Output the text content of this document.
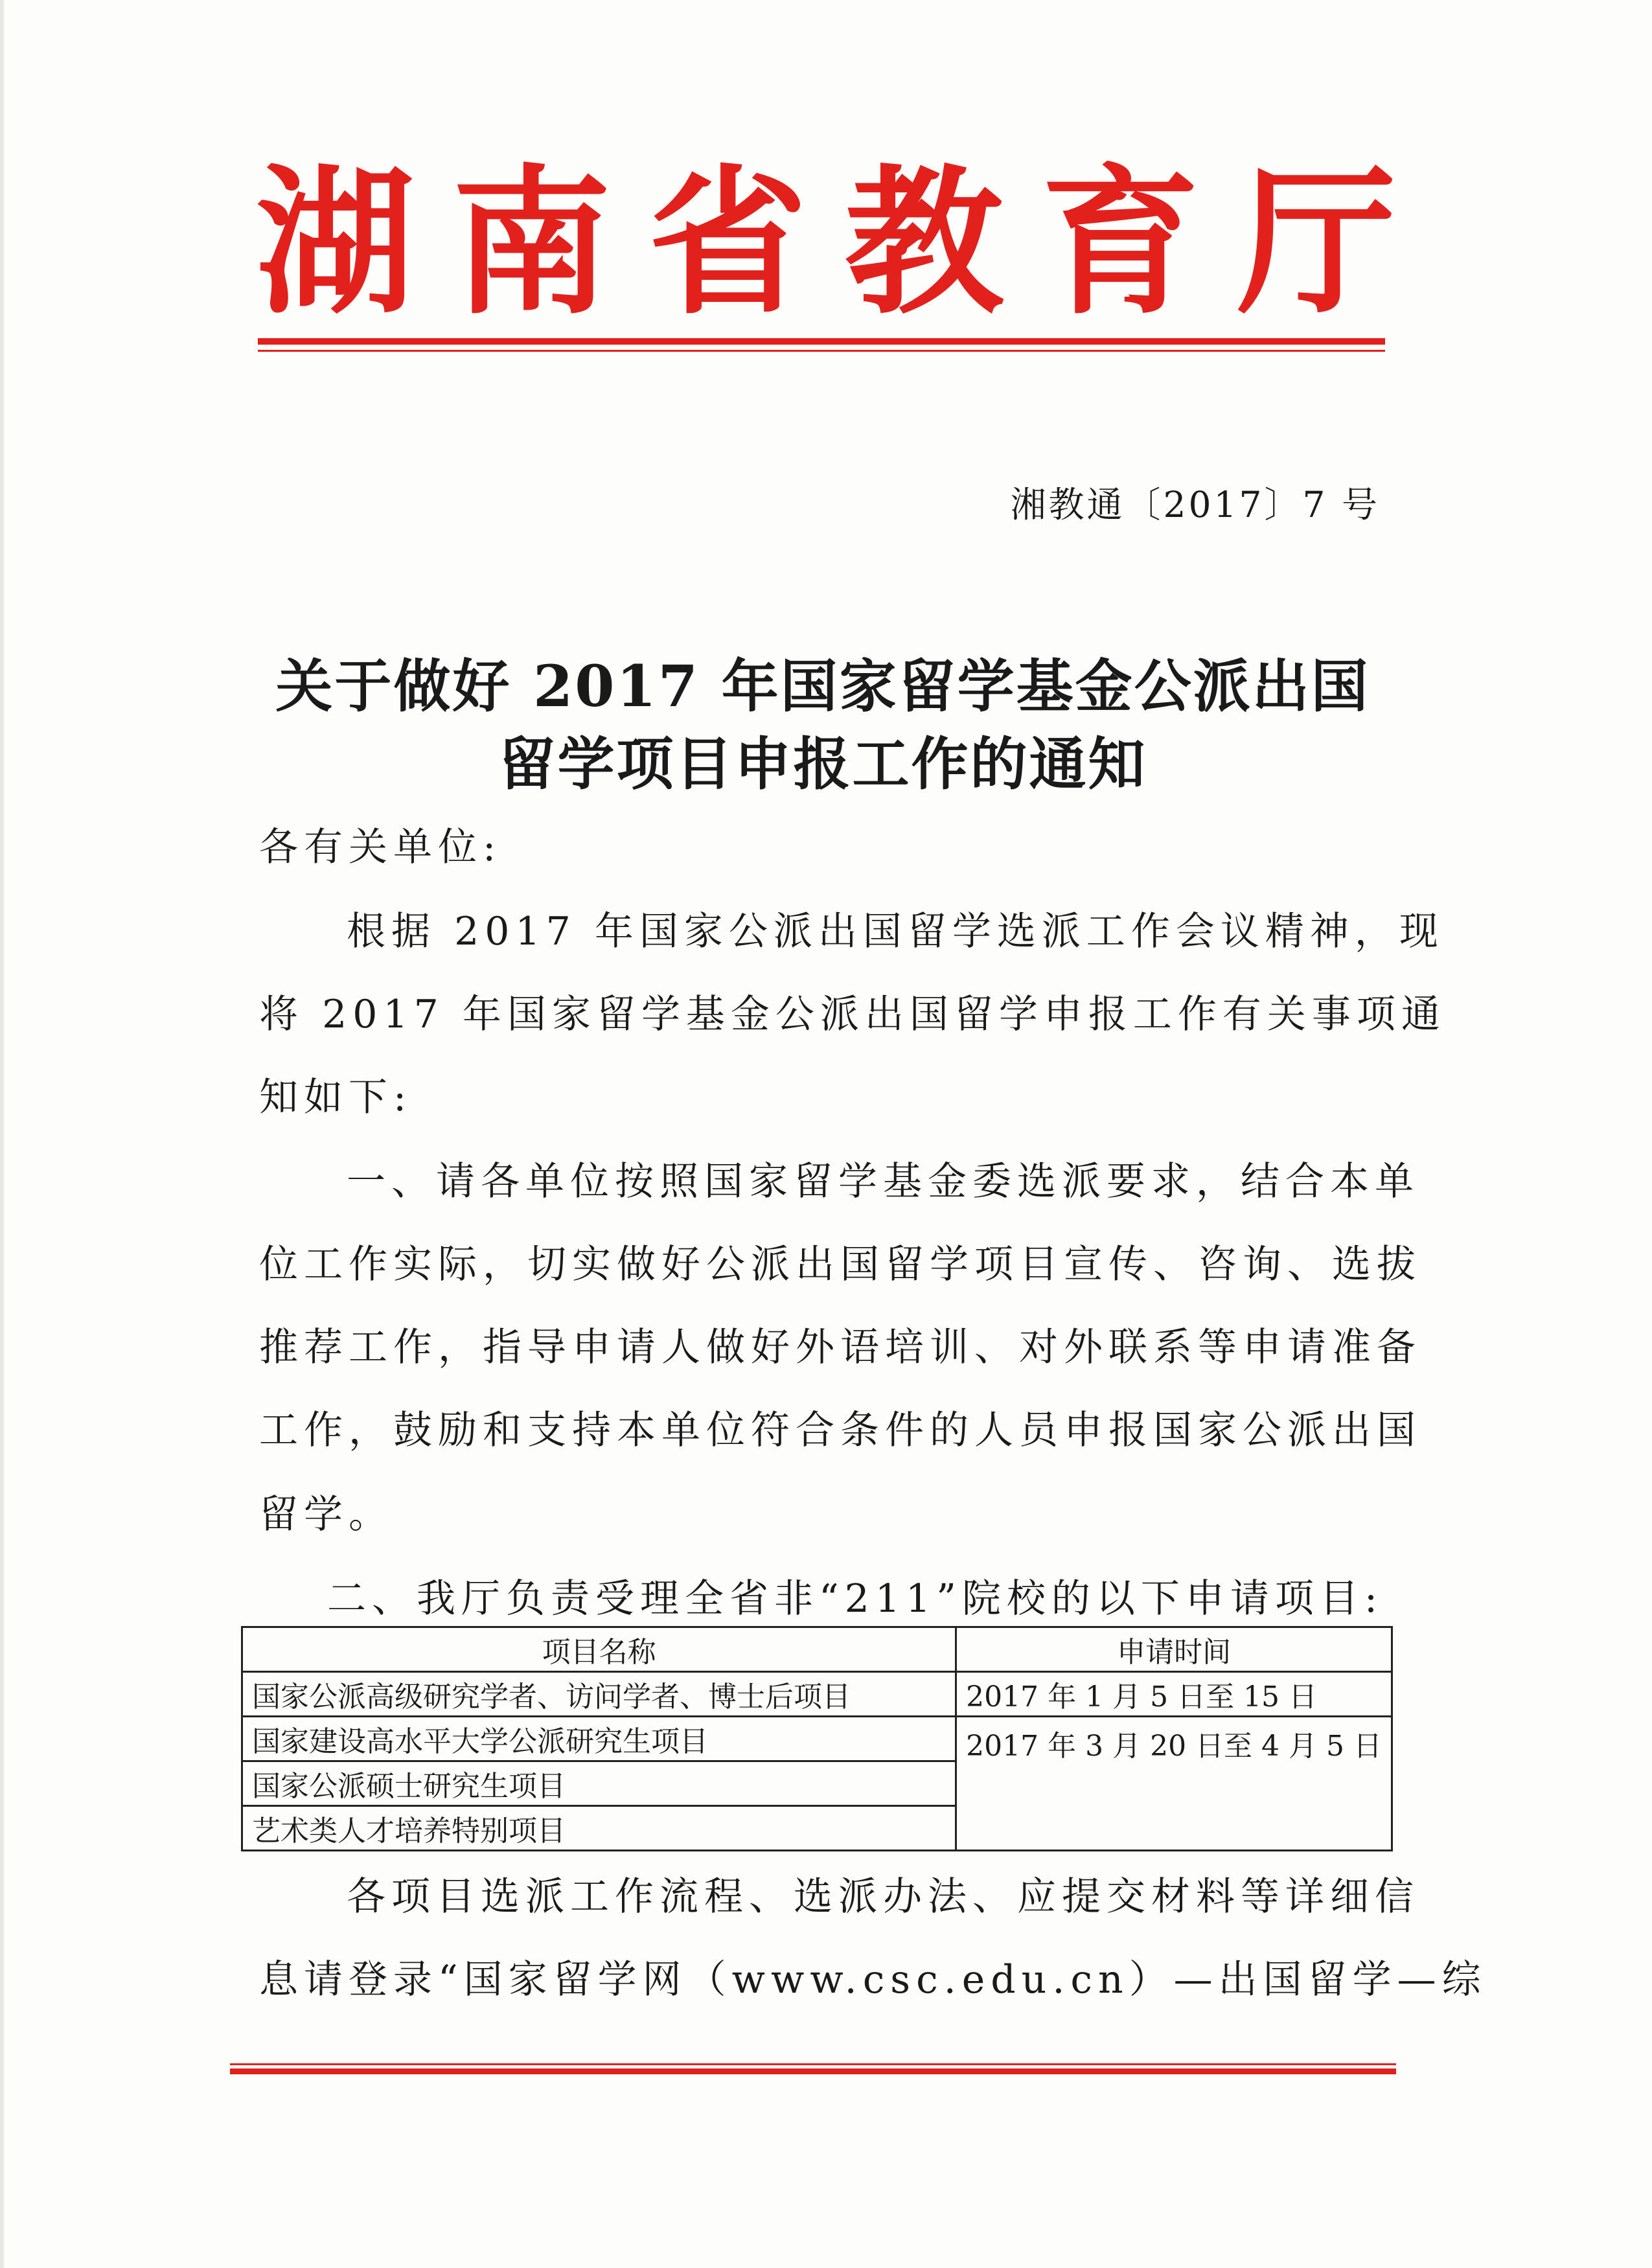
湖 南 省 教 育 厅
湘教通〔2017〕7 号
关于做好 2017 年国家留学基金公派出国
留学项目申报工作的通知
各有关单位:
根据 2017 年国家公派出国留学选派工作会议精神，现
将 2017 年国家留学基金公派出国留学申报工作有关事项通
知如下:
一、请各单位按照国家留学基金委选派要求，结合本单
位工作实际，切实做好公派出国留学项目宣传、咨询、选拔
推荐工作，指导申请人做好外语培训、对外联系等申请准备
工作，鼓励和支持本单位符合条件的人员申报国家公派出国
留学。
二、我厅负责受理全省非“211”院校的以下申请项目:
项目名称	申请时间
国家公派高级研究学者、访问学者、博士后项目	2017 年 1 月 5 日至 15 日
国家建设高水平大学公派研究生项目	2017 年 3 月 20 日至 4 月 5 日

国家公派硕士研究生项目	
艺术类人才培养特别项目	
各项目选派工作流程、选派办法、应提交材料等详细信
息请登录“国家留学网（www.csc.edu.cn）—出国留学—综
